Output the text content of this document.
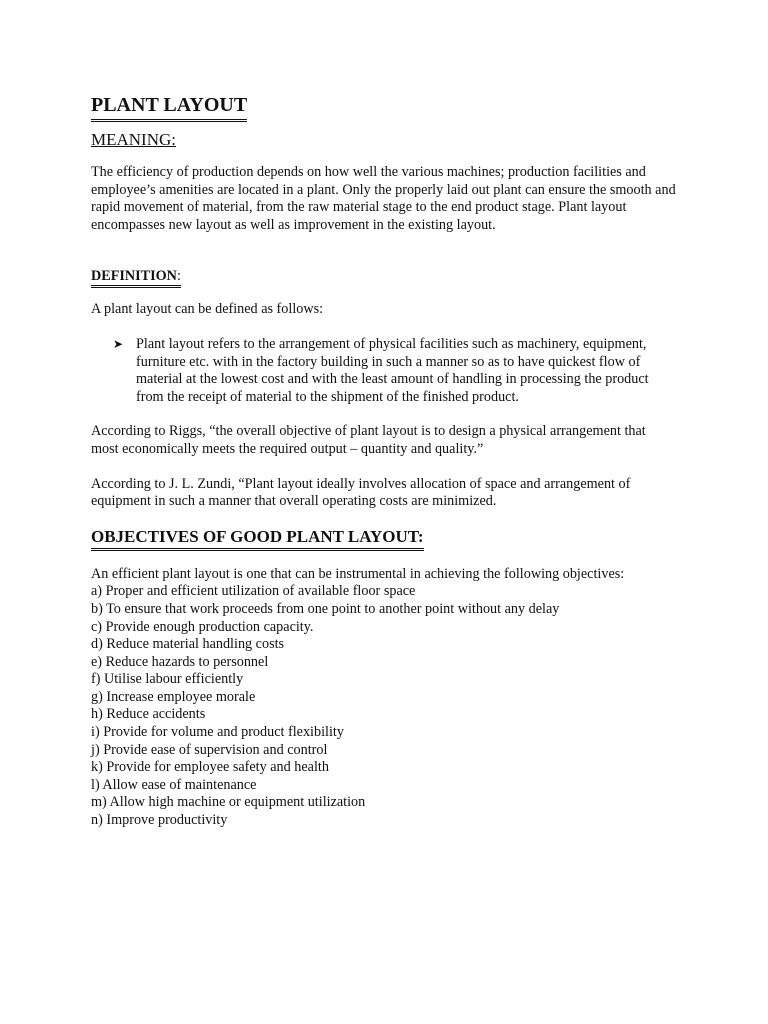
PLANT LAYOUT
MEANING:

The efficiency of production depends on how well the various machines; production facilities and employee’s amenities are located in a plant. Only the properly laid out plant can ensure the smooth and rapid movement of material, from the raw material stage to the end product stage. Plant layout encompasses new layout as well as improvement in the existing layout.

DEFINITION:

A plant layout can be defined as follows:

➤ Plant layout refers to the arrangement of physical facilities such as machinery, equipment, furniture etc. with in the factory building in such a manner so as to have quickest flow of material at the lowest cost and with the least amount of handling in processing the product from the receipt of material to the shipment of the finished product.

According to Riggs, “the overall objective of plant layout is to design a physical arrangement that most economically meets the required output – quantity and quality.”

According to J. L. Zundi, “Plant layout ideally involves allocation of space and arrangement of equipment in such a manner that overall operating costs are minimized.

OBJECTIVES OF GOOD PLANT LAYOUT:

An efficient plant layout is one that can be instrumental in achieving the following objectives:

a) Proper and efficient utilization of available floor space
b) To ensure that work proceeds from one point to another point without any delay
c) Provide enough production capacity.
d) Reduce material handling costs
e) Reduce hazards to personnel
f) Utilise labour efficiently
g) Increase employee morale
h) Reduce accidents
i) Provide for volume and product flexibility
j) Provide ease of supervision and control
k) Provide for employee safety and health
l) Allow ease of maintenance
m) Allow high machine or equipment utilization
n) Improve productivity
